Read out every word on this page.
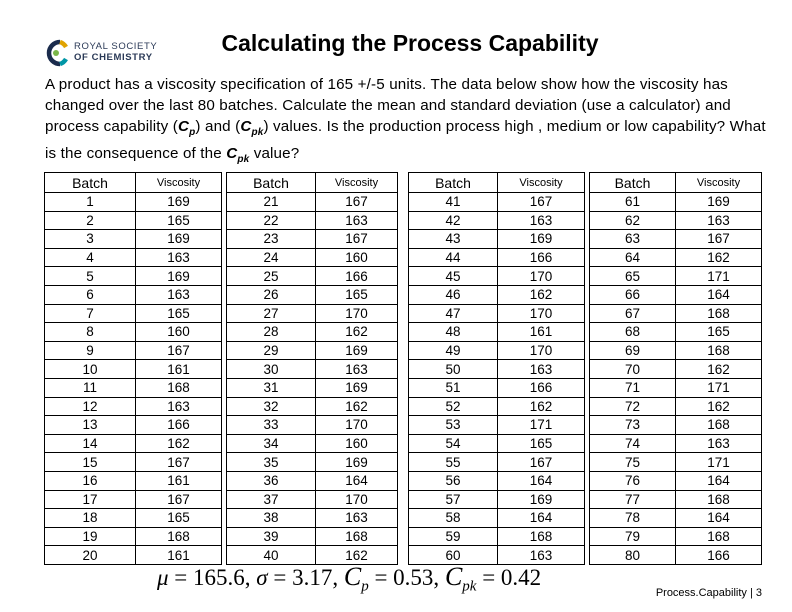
ROYAL SOCIETY
OF CHEMISTRY
Calculating the Process Capability

A product has a viscosity specification of 165 +/-5 units. The data below show how the viscosity has changed over the last 80 batches. Calculate the mean and standard deviation (use a calculator) and process capability $(C_p)$ and $(C_{pk})$ values. Is the production process high , medium or low capability? What is the consequence of the $C_{pk}$ value?

Batch	Viscosity
1	169
2	165
3	169
4	163
5	169
6	163
7	165
8	160
9	167
10	161
11	168
12	163
13	166
14	162
15	167
16	161
17	167
18	165
19	168
20	161
Batch	Viscosity
21	167
22	163
23	167
24	160
25	166
26	165
27	170
28	162
29	169
30	163
31	169
32	162
33	170
34	160
35	169
36	164
37	170
38	163
39	168
40	162
Batch	Viscosity
41	167
42	163
43	169
44	166
45	170
46	162
47	170
48	161
49	170
50	163
51	166
52	162
53	171
54	165
55	167
56	164
57	169
58	164
59	168
60	163
Batch	Viscosity
61	169
62	163
63	167
64	162
65	171
66	164
67	168
68	165
69	168
70	162
71	171
72	162
73	168
74	163
75	171
76	164
77	168
78	164
79	168
80	166
μ = 165.6, σ = 3.17, $C_p = 0.53$, $C_{pk} = 0.42$
Process.Capability | 3
